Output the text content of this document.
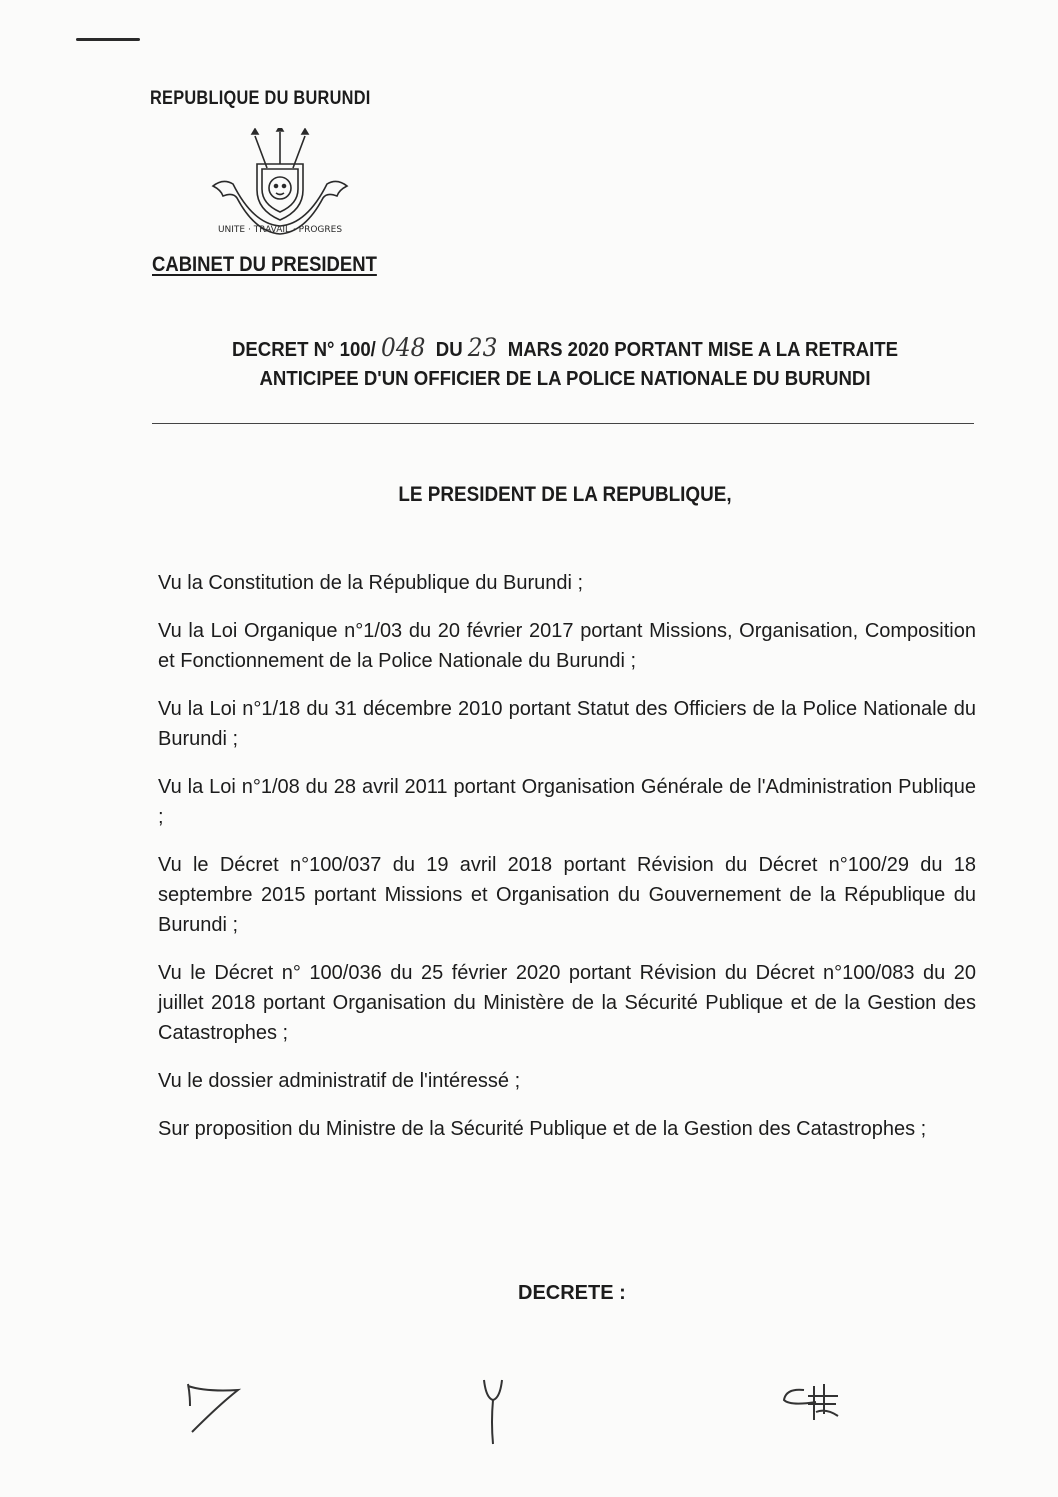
REPUBLIQUE DU BURUNDI
UNITE · TRAVAIL · PROGRES
CABINET DU PRESIDENT
DECRET N° 100/ 048 DU 23 MARS 2020 PORTANT MISE A LA RETRAITE
ANTICIPEE D'UN OFFICIER DE LA POLICE NATIONALE DU BURUNDI
LE PRESIDENT DE LA REPUBLIQUE,

Vu la Constitution de la République du Burundi ;

Vu la Loi Organique n°1/03 du 20 février 2017 portant Missions, Organisation, Composition et Fonctionnement de la Police Nationale du Burundi ;

Vu la Loi n°1/18 du 31 décembre 2010 portant Statut des Officiers de la Police Nationale du Burundi ;

Vu la Loi n°1/08 du 28 avril 2011 portant Organisation Générale de l'Administration Publique ;

Vu le Décret n°100/037 du 19 avril 2018 portant Révision du Décret n°100/29 du 18 septembre 2015 portant Missions et Organisation du Gouvernement de la République du Burundi ;

Vu le Décret n° 100/036 du 25 février 2020 portant Révision du Décret n°100/083 du 20 juillet 2018 portant Organisation du Ministère de la Sécurité Publique et de la Gestion des Catastrophes ;

Vu le dossier administratif de l'intéressé ;

Sur proposition du Ministre de la Sécurité Publique et de la Gestion des Catastrophes ;

DECRETE :
